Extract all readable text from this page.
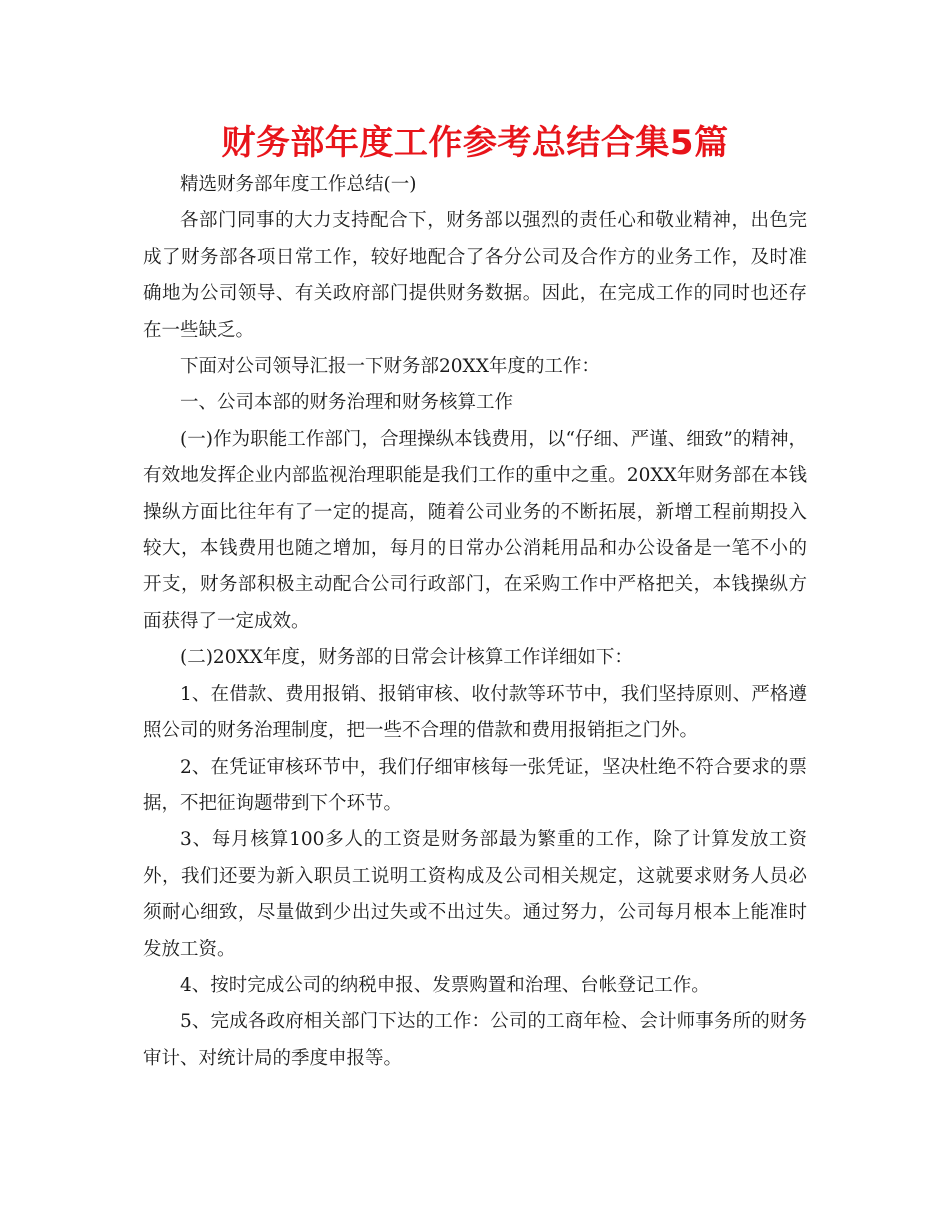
财务部年度工作参考总结合集5篇

精选财务部年度工作总结(一)

各部门同事的大力支持配合下，财务部以强烈的责任心和敬业精神，出色完成了财务部各项日常工作，较好地配合了各分公司及合作方的业务工作，及时准确地为公司领导、有关政府部门提供财务数据。因此，在完成工作的同时也还存在一些缺乏。

下面对公司领导汇报一下财务部20XX年度的工作：

一、公司本部的财务治理和财务核算工作

(一)作为职能工作部门，合理操纵本钱费用，以“仔细、严谨、细致”的精神，有效地发挥企业内部监视治理职能是我们工作的重中之重。20XX年财务部在本钱操纵方面比往年有了一定的提高，随着公司业务的不断拓展，新增工程前期投入较大，本钱费用也随之增加，每月的日常办公消耗用品和办公设备是一笔不小的开支，财务部积极主动配合公司行政部门，在采购工作中严格把关，本钱操纵方面获得了一定成效。

(二)20XX年度，财务部的日常会计核算工作详细如下：

1、在借款、费用报销、报销审核、收付款等环节中，我们坚持原则、严格遵照公司的财务治理制度，把一些不合理的借款和费用报销拒之门外。

2、在凭证审核环节中，我们仔细审核每一张凭证，坚决杜绝不符合要求的票据，不把征询题带到下个环节。

3、每月核算100多人的工资是财务部最为繁重的工作，除了计算发放工资外，我们还要为新入职员工说明工资构成及公司相关规定，这就要求财务人员必须耐心细致，尽量做到少出过失或不出过失。通过努力，公司每月根本上能准时发放工资。

4、按时完成公司的纳税申报、发票购置和治理、台帐登记工作。

5、完成各政府相关部门下达的工作：公司的工商年检、会计师事务所的财务审计、对统计局的季度申报等。
